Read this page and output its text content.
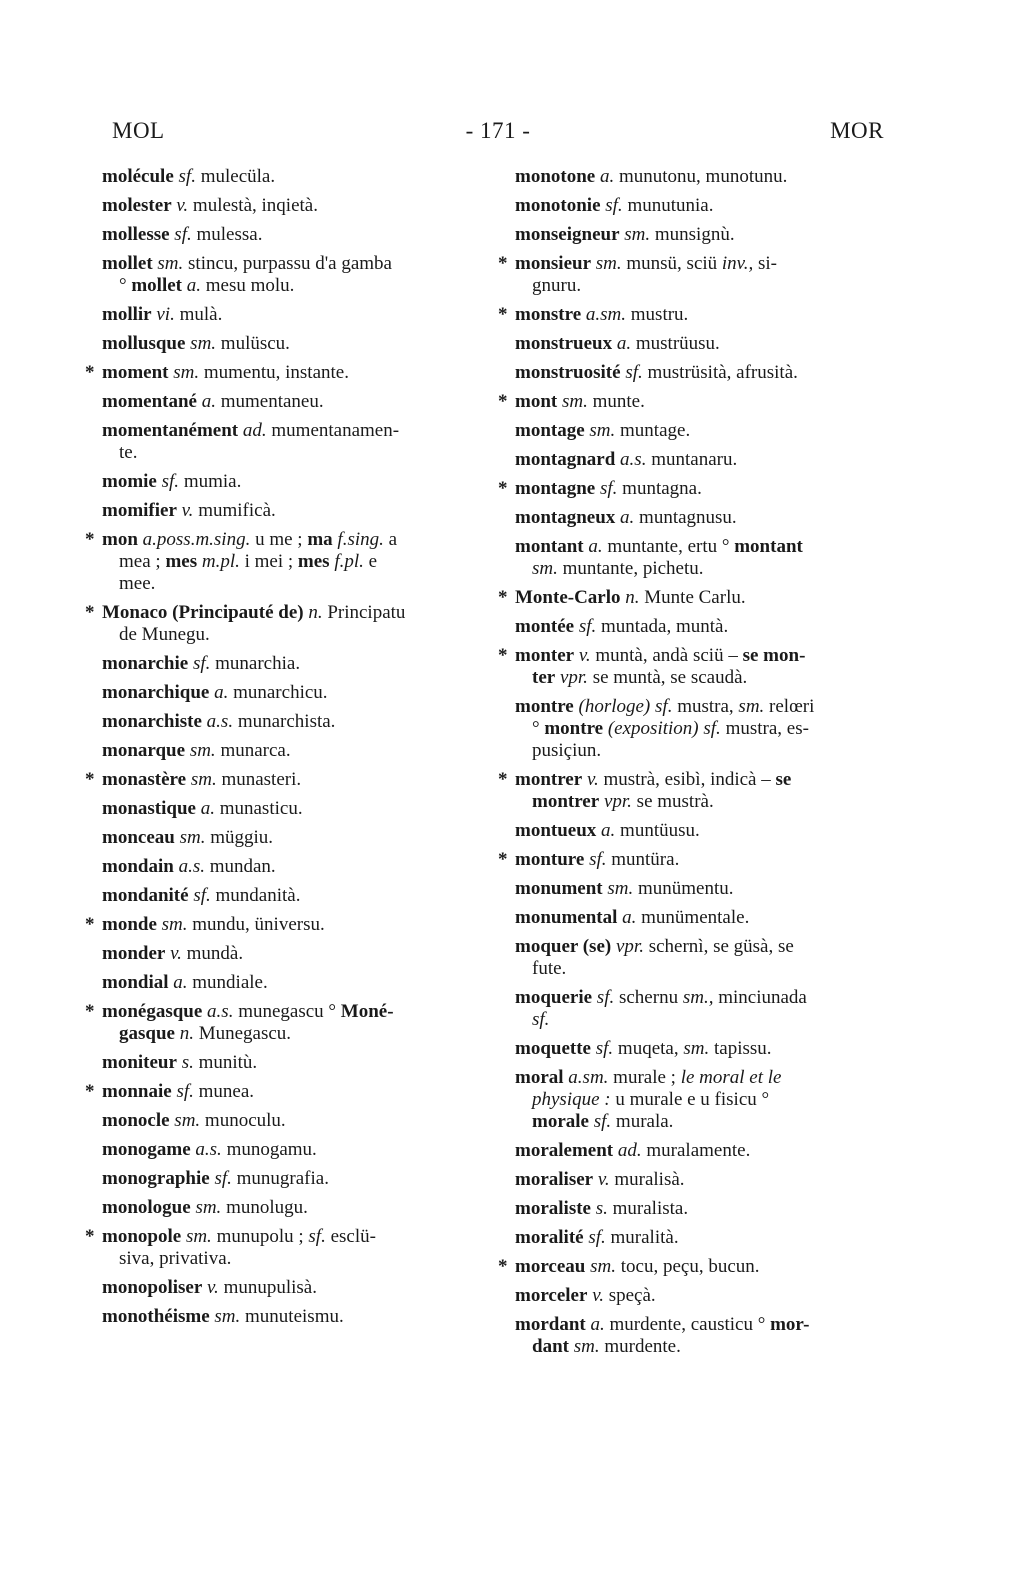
MOL	- 171 -	MOR
molécule sf. mulecüla.
molester v. mulestà, inqietà.
mollesse sf. mulessa.
mollet sm. stincu, purpassu d'a gamba
° mollet a. mesu molu.
mollir vi. mulà.
mollusque sm. mulüscu.
* moment sm. mumentu, instante.
momentané a. mumentaneu.
momentanément ad. mumentanamen-
te.
momie sf. mumia.
momifier v. mumificà.
* mon a.poss.m.sing. u me ; ma f.sing. a
mea ; mes m.pl. i mei ; mes f.pl. e
mee.
* Monaco (Principauté de) n. Principatu
de Munegu.
monarchie sf. munarchia.
monarchique a. munarchicu.
monarchiste a.s. munarchista.
monarque sm. munarca.
* monastère sm. munasteri.
monastique a. munasticu.
monceau sm. müggiu.
mondain a.s. mundan.
mondanité sf. mundanità.
* monde sm. mundu, üniversu.
monder v. mundà.
mondial a. mundiale.
* monégasque a.s. munegascu ° Moné-
gasque n. Munegascu.
moniteur s. munitù.
* monnaie sf. munea.
monocle sm. munoculu.
monogame a.s. munogamu.
monographie sf. munugrafia.
monologue sm. munolugu.
* monopole sm. munupolu ; sf. esclü-
siva, privativa.
monopoliser v. munupulisà.
monothéisme sm. munuteismu.
monotone a. munutonu, munotunu.
monotonie sf. munutunia.
monseigneur sm. munsignù.
* monsieur sm. munsü, sciü inv., si-
gnuru.
* monstre a.sm. mustru.
monstrueux a. mustrüusu.
monstruosité sf. mustrüsità, afrusità.
* mont sm. munte.
montage sm. muntage.
montagnard a.s. muntanaru.
* montagne sf. muntagna.
montagneux a. muntagnusu.
montant a. muntante, ertu ° montant
sm. muntante, pichetu.
* Monte-Carlo n. Munte Carlu.
montée sf. muntada, muntà.
* monter v. muntà, andà sciü – se mon-
ter vpr. se muntà, se scaudà.
montre (horloge) sf. mustra, sm. relœri
° montre (exposition) sf. mustra, es-
pusiçiun.
* montrer v. mustrà, esibì, indicà – se
montrer vpr. se mustrà.
montueux a. muntüusu.
* monture sf. muntüra.
monument sm. munümentu.
monumental a. munümentale.
moquer (se) vpr. schernì, se güsà, se
fute.
moquerie sf. schernu sm., minciunada
sf.
moquette sf. muqeta, sm. tapissu.
moral a.sm. murale ; le moral et le
physique : u murale e u fisicu °
morale sf. murala.
moralement ad. muralamente.
moraliser v. muralisà.
moraliste s. muralista.
moralité sf. muralità.
* morceau sm. tocu, peçu, bucun.
morceler v. speçà.
mordant a. murdente, causticu ° mor-
dant sm. murdente.
